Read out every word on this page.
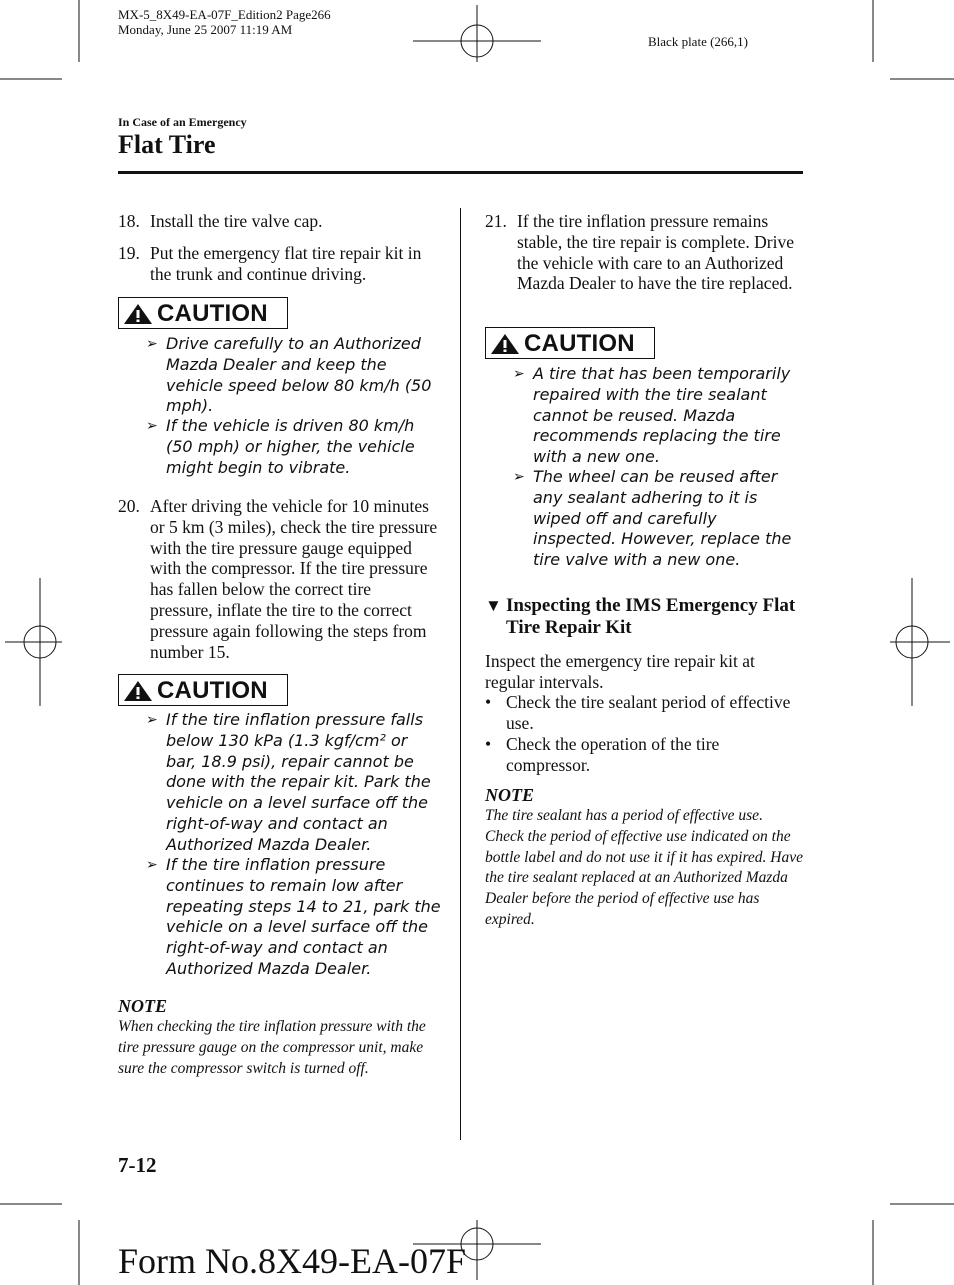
MX-5_8X49-EA-07F_Edition2 Page266
Monday, June 25 2007 11:19 AM
Black plate (266,1)
In Case of an Emergency
Flat Tire
18. Install the tire valve cap.
19. Put the emergency flat tire repair kit in the trunk and continue driving.
CAUTION
➢ Drive carefully to an Authorized Mazda Dealer and keep the vehicle speed below 80 km/h (50 mph).
➢ If the vehicle is driven 80 km/h (50 mph) or higher, the vehicle might begin to vibrate.
20. After driving the vehicle for 10 minutes or 5 km (3 miles), check the tire pressure with the tire pressure gauge equipped with the compressor. If the tire pressure has fallen below the correct tire pressure, inflate the tire to the correct pressure again following the steps from number 15.
CAUTION
➢ If the tire inflation pressure falls below 130 kPa (1.3 kgf/cm² or bar, 18.9 psi), repair cannot be done with the repair kit. Park the vehicle on a level surface off the right-of-way and contact an Authorized Mazda Dealer.
➢ If the tire inflation pressure continues to remain low after repeating steps 14 to 21, park the vehicle on a level surface off the right-of-way and contact an Authorized Mazda Dealer.
NOTE
When checking the tire inflation pressure with the tire pressure gauge on the compressor unit, make sure the compressor switch is turned off.
21. If the tire inflation pressure remains stable, the tire repair is complete. Drive the vehicle with care to an Authorized Mazda Dealer to have the tire replaced.
CAUTION
➢ A tire that has been temporarily repaired with the tire sealant cannot be reused. Mazda recommends replacing the tire with a new one.
➢ The wheel can be reused after any sealant adhering to it is wiped off and carefully inspected. However, replace the tire valve with a new one.
▼ Inspecting the IMS Emergency Flat Tire Repair Kit
Inspect the emergency tire repair kit at regular intervals.
• Check the tire sealant period of effective use.
• Check the operation of the tire compressor.
NOTE
The tire sealant has a period of effective use. Check the period of effective use indicated on the bottle label and do not use it if it has expired. Have the tire sealant replaced at an Authorized Mazda Dealer before the period of effective use has expired.
7-12
Form No.8X49-EA-07F
